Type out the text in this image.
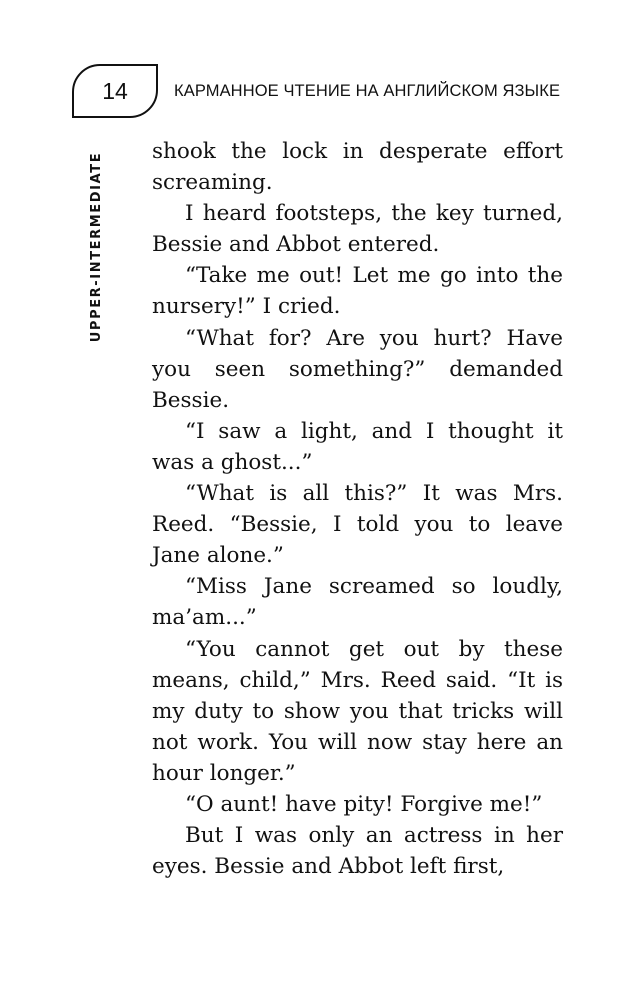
14	КАРМАННОЕ ЧТЕНИЕ НА АНГЛИЙСКОМ ЯЗЫКЕ
UPPER-INTERMEDIATE

shook the lock in desperate effort screaming.

I heard footsteps, the key turned, Bessie and Abbot entered.

“Take me out! Let me go into the nursery!” I cried.

“What for? Are you hurt? Have you seen something?” demanded Bessie.

“I saw a light, and I thought it was a ghost...”

“What is all this?” It was Mrs. Reed. “Bessie, I told you to leave Jane alone.”

“Miss Jane screamed so loudly, ma’am...”

“You cannot get out by these means, child,” Mrs. Reed said. “It is my duty to show you that tricks will not work. You will now stay here an hour longer.”

“O aunt! have pity! Forgive me!”

But I was only an actress in her eyes. Bessie and Abbot left first,
